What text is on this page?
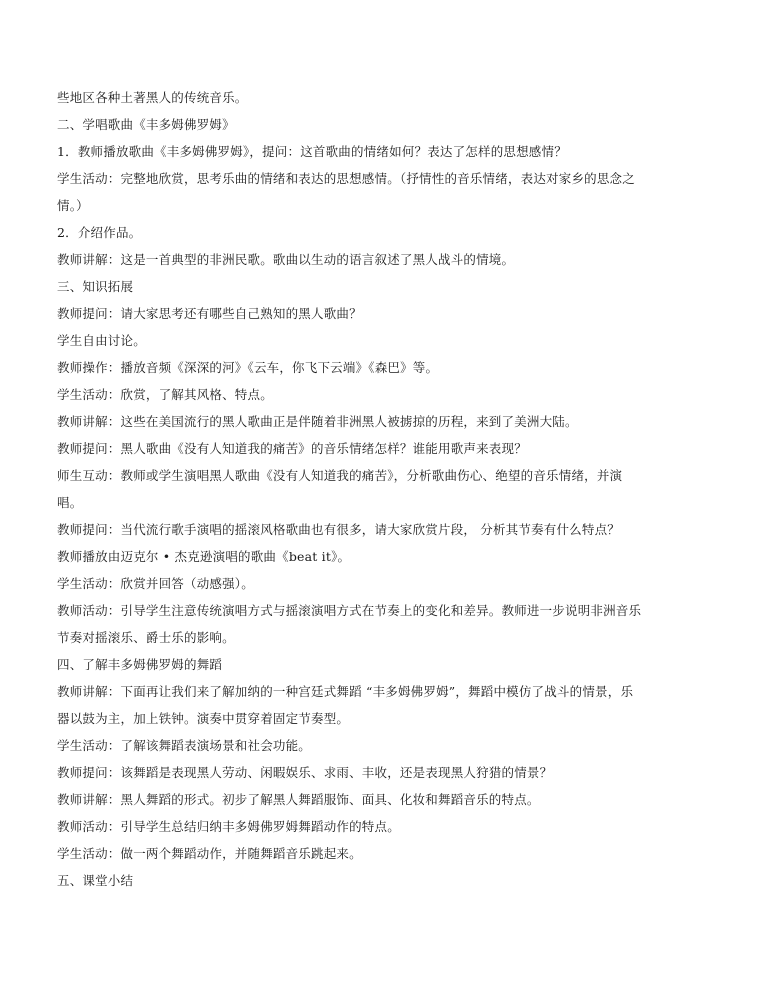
些地区各种土著黑人的传统音乐。
二、学唱歌曲《丰多姆佛罗姆》
1．教师播放歌曲《丰多姆佛罗姆》，提问：这首歌曲的情绪如何？表达了怎样的思想感情？
学生活动：完整地欣赏，思考乐曲的情绪和表达的思想感情。（抒情性的音乐情绪，表达对家乡的思念之
情。）
2．介绍作品。
教师讲解：这是一首典型的非洲民歌。歌曲以生动的语言叙述了黑人战斗的情境。
三、知识拓展
教师提问：请大家思考还有哪些自己熟知的黑人歌曲？
学生自由讨论。
教师操作：播放音频《深深的河》《云车，你飞下云端》《森巴》等。
学生活动：欣赏，了解其风格、特点。
教师讲解：这些在美国流行的黑人歌曲正是伴随着非洲黑人被掳掠的历程，来到了美洲大陆。
教师提问：黑人歌曲《没有人知道我的痛苦》的音乐情绪怎样？谁能用歌声来表现？
师生互动：教师或学生演唱黑人歌曲《没有人知道我的痛苦》，分析歌曲伤心、绝望的音乐情绪，并演
唱。
教师提问：当代流行歌手演唱的摇滚风格歌曲也有很多，请大家欣赏片段， 分析其节奏有什么特点？
教师播放由迈克尔 • 杰克逊演唱的歌曲《beat it》。
学生活动：欣赏并回答（动感强）。
教师活动：引导学生注意传统演唱方式与摇滚演唱方式在节奏上的变化和差异。教师进一步说明非洲音乐
节奏对摇滚乐、爵士乐的影响。
四、了解丰多姆佛罗姆的舞蹈
教师讲解：下面再让我们来了解加纳的一种宫廷式舞蹈 “丰多姆佛罗姆”，舞蹈中模仿了战斗的情景，乐
器以鼓为主，加上铁钟。演奏中贯穿着固定节奏型。
学生活动：了解该舞蹈表演场景和社会功能。
教师提问：该舞蹈是表现黑人劳动、闲暇娱乐、求雨、丰收，还是表现黑人狩猎的情景？
教师讲解：黑人舞蹈的形式。初步了解黑人舞蹈服饰、面具、化妆和舞蹈音乐的特点。
教师活动：引导学生总结归纳丰多姆佛罗姆舞蹈动作的特点。
学生活动：做一两个舞蹈动作，并随舞蹈音乐跳起来。
五、课堂小结
